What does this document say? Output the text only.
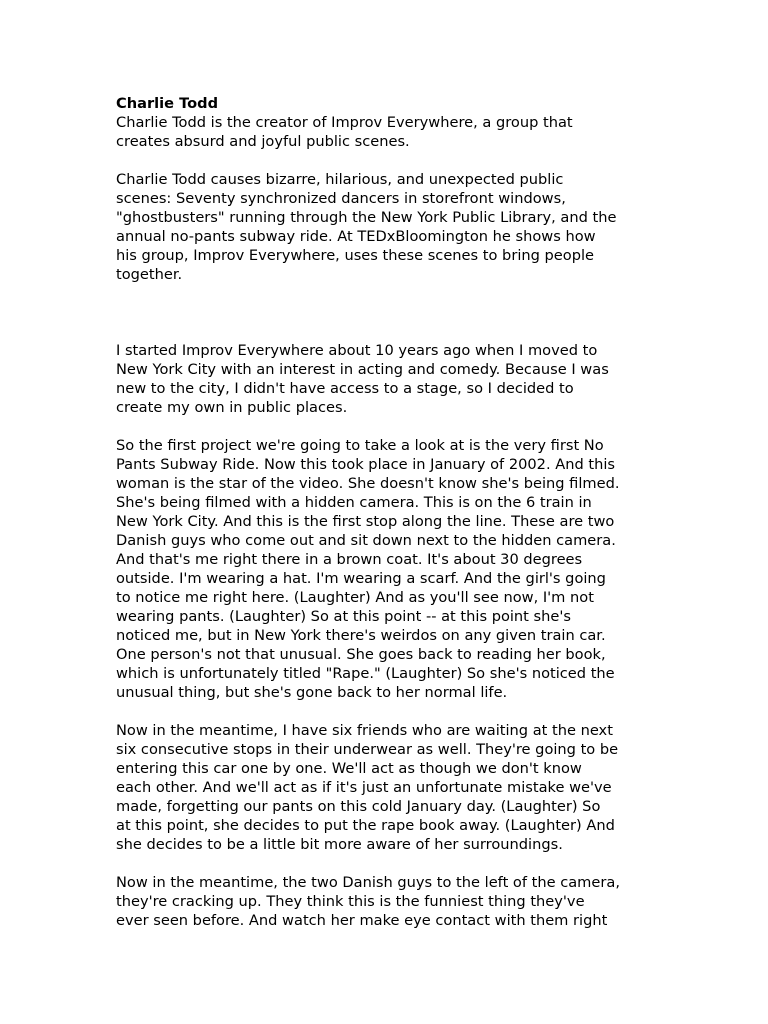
Charlie Todd

Charlie Todd is the creator of Improv Everywhere, a group that
creates absurd and joyful public scenes.

Charlie Todd causes bizarre, hilarious, and unexpected public
scenes: Seventy synchronized dancers in storefront windows,
"ghostbusters" running through the New York Public Library, and the
annual no-pants subway ride. At TEDxBloomington he shows how
his group, Improv Everywhere, uses these scenes to bring people
together.

I started Improv Everywhere about 10 years ago when I moved to
New York City with an interest in acting and comedy. Because I was
new to the city, I didn't have access to a stage, so I decided to
create my own in public places.

So the first project we're going to take a look at is the very first No
Pants Subway Ride. Now this took place in January of 2002. And this
woman is the star of the video. She doesn't know she's being filmed.
She's being filmed with a hidden camera. This is on the 6 train in
New York City. And this is the first stop along the line. These are two
Danish guys who come out and sit down next to the hidden camera.
And that's me right there in a brown coat. It's about 30 degrees
outside. I'm wearing a hat. I'm wearing a scarf. And the girl's going
to notice me right here. (Laughter) And as you'll see now, I'm not
wearing pants. (Laughter) So at this point -- at this point she's
noticed me, but in New York there's weirdos on any given train car.
One person's not that unusual. She goes back to reading her book,
which is unfortunately titled "Rape." (Laughter) So she's noticed the
unusual thing, but she's gone back to her normal life.

Now in the meantime, I have six friends who are waiting at the next
six consecutive stops in their underwear as well. They're going to be
entering this car one by one. We'll act as though we don't know
each other. And we'll act as if it's just an unfortunate mistake we've
made, forgetting our pants on this cold January day. (Laughter) So
at this point, she decides to put the rape book away. (Laughter) And
she decides to be a little bit more aware of her surroundings.

Now in the meantime, the two Danish guys to the left of the camera,
they're cracking up. They think this is the funniest thing they've
ever seen before. And watch her make eye contact with them right
